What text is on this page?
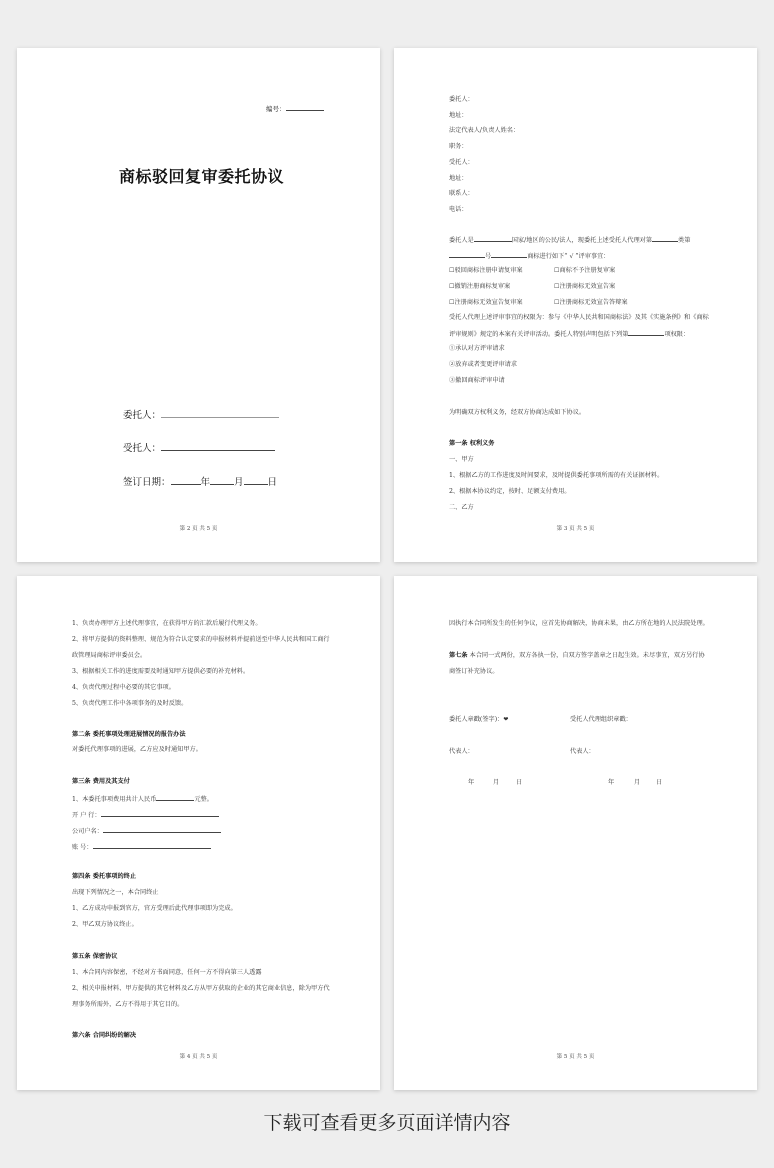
编号：
商标驳回复审委托协议
委托人：
受托人：
签订日期：	年	月	日
第 2 页 共 5 页
委托人：
地址：
法定代表人/负责人姓名：
职务：
受托人：
地址：
联系人：
电话：
委托人是	国家/地区的公民/法人，现委托上述受托人代理对第	类第
号	商标进行如下“ √ ”评审事宜：
☐驳回商标注册申请复审案	☐商标不予注册复审案
☐撤销注册商标复审案	☐注册商标无效宣告案
☐注册商标无效宣告复审案	☐注册商标无效宣告答辩案
受托人代理上述评审事宜的权限为：参与《中华人民共和国商标法》及其《实施条例》和《商标
评审规则》规定的本案有关评审活动。委托人特别声明包括下列第	项权限：
①承认对方评审请求
②放弃或者变更评审请求
③撤回商标评审申请
为明确双方权利义务，经双方协商达成如下协议。
第一条 权利义务
一、甲方
1、根据乙方的工作进度及时间要求，及时提供委托事项所需的有关证据材料。
2、根据本协议约定，按时、足额支付费用。
二、乙方
第 3 页 共 5 页
1、负责办理甲方上述代理事宜，在获得甲方的汇款后履行代理义务。
2、将甲方提供的资料整理、规范为符合认定要求的申报材料并提前送至中华人民共和国工商行
政管理局商标评审委员会。
3、根据相关工作的进度需要及时通知甲方提供必要的补充材料。
4、负责代理过程中必要的其它事项。
5、负责代理工作中各项事务的及时反馈。
第二条 委托事项处理进展情况的报告办法
对委托代理事项的进展，乙方应及时通知甲方。
第三条 费用及其支付
1、本委托事项费用共计人民币	元整。
开 户 行：
公司户名：
账 号：
第四条 委托事项的终止
出现下列情况之一，本合同终止
1、乙方成功申报到官方，官方受理后此代理事项即为完成。
2、甲乙双方协议终止。
第五条 保密协议
1、本合同内容保密，不经对方书面同意，任何一方不得向第三人透露
2、相关申报材料、甲方提供的其它材料及乙方从甲方获取的企业的其它商业信息，除为甲方代
理事务所需外，乙方不得用于其它目的。
第六条 合同纠纷的解决
第 4 页 共 5 页
因执行本合同所发生的任何争议，应首先协商解决，协商未果，由乙方所在地的人民法院处理。
第七条 本合同一式两份，双方各执一份，自双方签字盖章之日起生效。未尽事宜，双方另行协
商签订补充协议。
委托人章戳(签字)：❤	受托人代理组织章戳：
代表人：	代表人：
年	月	日	年	月	日
第 5 页 共 5 页
下载可查看更多页面详情内容
